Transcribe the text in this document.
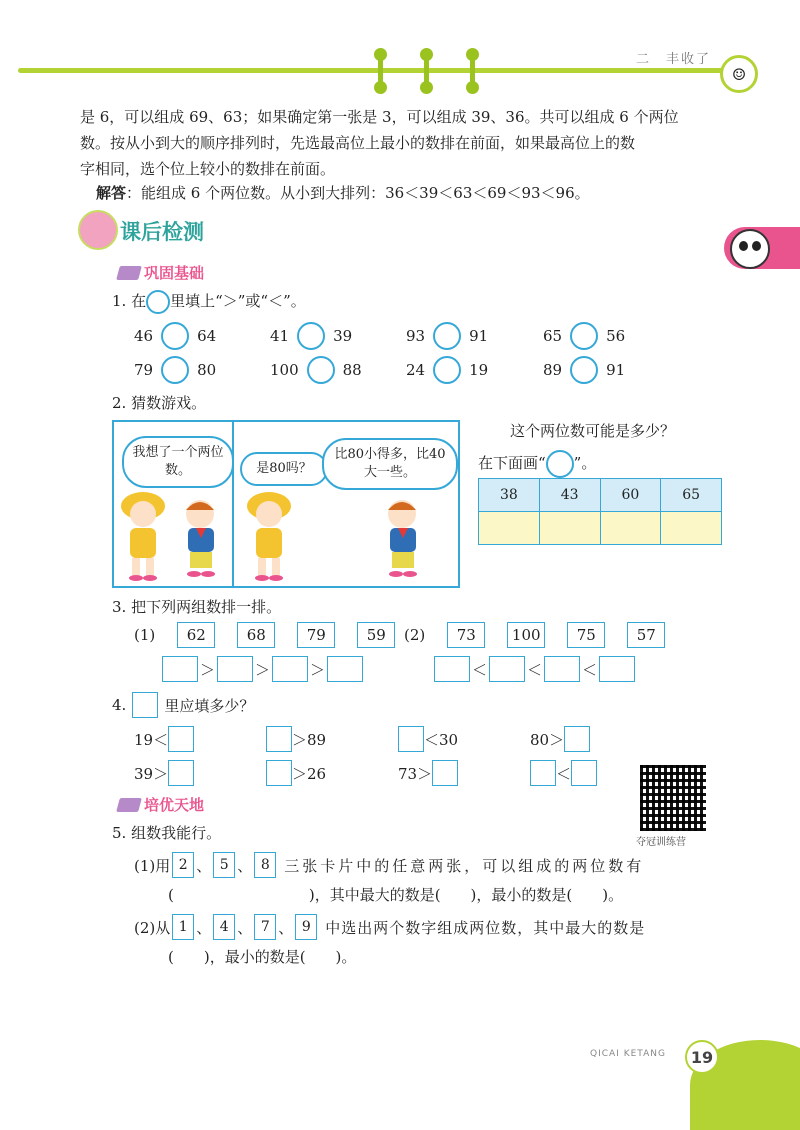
二　丰收了
☺
是 6，可以组成 69、63；如果确定第一张是 3，可以组成 39、36。共可以组成 6 个两位
数。按从小到大的顺序排列时，先选最高位上最小的数排在前面，如果最高位上的数
字相同，选个位上较小的数排在前面。
解答：能组成 6 个两位数。从小到大排列：36＜39＜63＜69＜93＜96。
课后检测
巩固基础
1. 在 里填上“＞”或“＜”。
46	64	41	39	93	91	65	56
79	80	100	88	24	19	89	91
2. 猜数游戏。
我想了一个两位数。	是80吗？
比80小得多，比40大一些。
这个两位数可能是多少？
在下面画“ ”。
38	43	60	65

3. 把下列两组数排一排。
(1)	62	68	79	59	(2)	73	100	75	57
＞	＞	＞	＜	＜	＜
4.	里应填多少？
19＜	＞89	＜30	80＞
39＞	＞26	73＞	＜
夺冠训练营
培优天地
5. 组数我能行。
(1)用 2 、 5 、 8 三张卡片中的任意两张，可以组成的两位数有
(　　　　　　　　　)，其中最大的数是(　　)，最小的数是(　　)。
(2)从 1 、 4 、 7 、 9 中选出两个数字组成两位数，其中最大的数是
(　　)，最小的数是(　　)。
QICAI KETANG	19
